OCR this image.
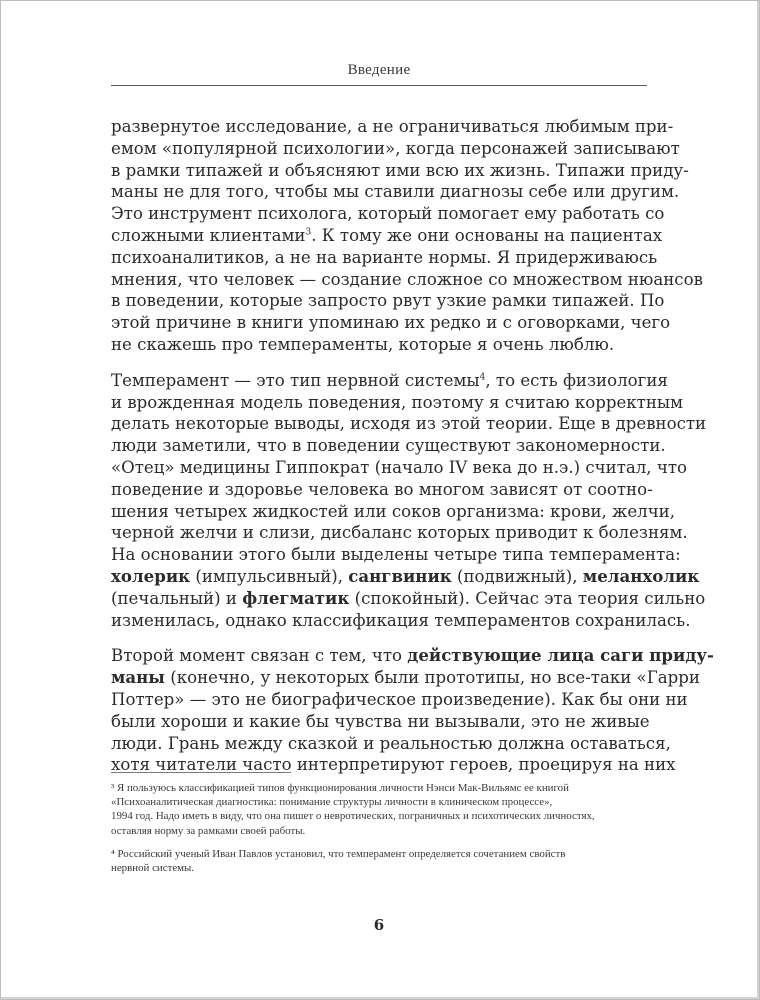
Введение
развернутое исследование, а не ограничиваться любимым при-
емом «популярной психологии», когда персонажей записывают
в рамки типажей и объясняют ими всю их жизнь. Типажи приду-
маны не для того, чтобы мы ставили диагнозы себе или другим.
Это инструмент психолога, который помогает ему работать со
сложными клиентами$^3$. К тому же они основаны на пациентах
психоаналитиков, а не на варианте нормы. Я придерживаюсь
мнения, что человек — создание сложное со множеством нюансов
в поведении, которые запросто рвут узкие рамки типажей. По
этой причине в книги упоминаю их редко и с оговорками, чего
не скажешь про темпераменты, которые я очень люблю.
Темперамент — это тип нервной системы$^4$, то есть физиология
и врожденная модель поведения, поэтому я считаю корректным
делать некоторые выводы, исходя из этой теории. Еще в древности
люди заметили, что в поведении существуют закономерности.
«Отец» медицины Гиппократ (начало IV века до н.э.) считал, что
поведение и здоровье человека во многом зависят от соотно-
шения четырех жидкостей или соков организма: крови, желчи,
черной желчи и слизи, дисбаланс которых приводит к болезням.
На основании этого были выделены четыре типа темперамента:
холерик (импульсивный), сангвиник (подвижный), меланхолик
(печальный) и флегматик (спокойный). Сейчас эта теория сильно
изменилась, однако классификация темпераментов сохранилась.
Второй момент связан с тем, что действующие лица саги приду-
маны (конечно, у некоторых были прототипы, но все-таки «Гарри
Поттер» — это не биографическое произведение). Как бы они ни
были хороши и какие бы чувства ни вызывали, это не живые
люди. Грань между сказкой и реальностью должна оставаться,
хотя читатели часто интерпретируют героев, проецируя на них
³ Я пользуюсь классификацией типов функционирования личности Нэнси Мак-Вильямс ее книгой
«Психоаналитическая диагностика: понимание структуры личности в клиническом процессе»,
1994 год. Надо иметь в виду, что она пишет о невротических, пограничных и психотических личностях,
оставляя норму за рамками своей работы.
⁴ Российский ученый Иван Павлов установил, что темперамент определяется сочетанием свойств
нервной системы.
6
